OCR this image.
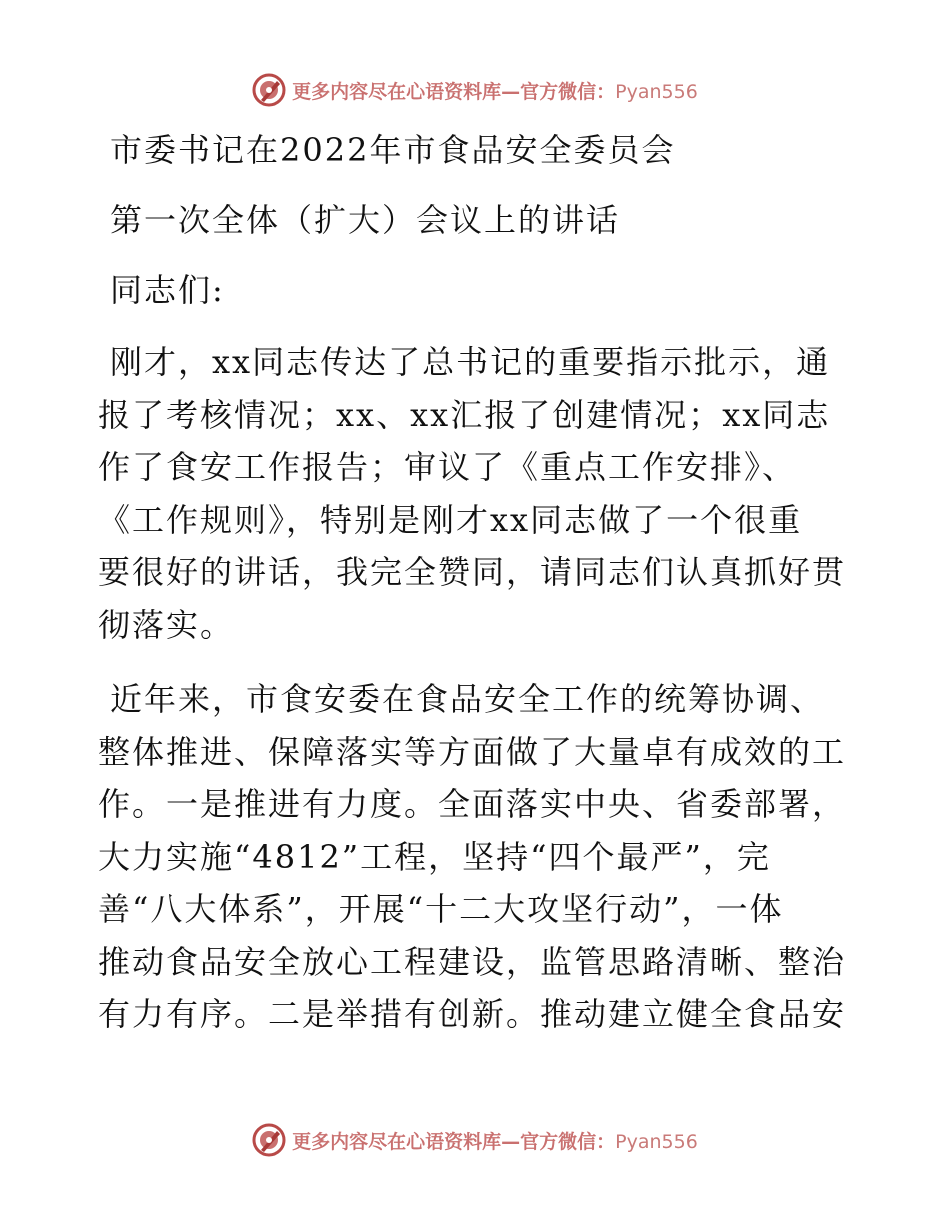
更多内容尽在心语资料库—官方微信：Pyan556
市委书记在2022年市食品安全委员会
第一次全体（扩大）会议上的讲话
同志们:
刚才，xx同志传达了总书记的重要指示批示，通
报了考核情况；xx、xx汇报了创建情况；xx同志
作了食安工作报告；审议了《重点工作安排》、
《工作规则》，特别是刚才xx同志做了一个很重
要很好的讲话，我完全赞同，请同志们认真抓好贯
彻落实。
近年来，市食安委在食品安全工作的统筹协调、
整体推进、保障落实等方面做了大量卓有成效的工
作。一是推进有力度。全面落实中央、省委部署，
大力实施“4812”工程，坚持“四个最严”，完
善“八大体系”，开展“十二大攻坚行动”，一体
推动食品安全放心工程建设，监管思路清晰、整治
有力有序。二是举措有创新。推动建立健全食品安
更多内容尽在心语资料库—官方微信：Pyan556
